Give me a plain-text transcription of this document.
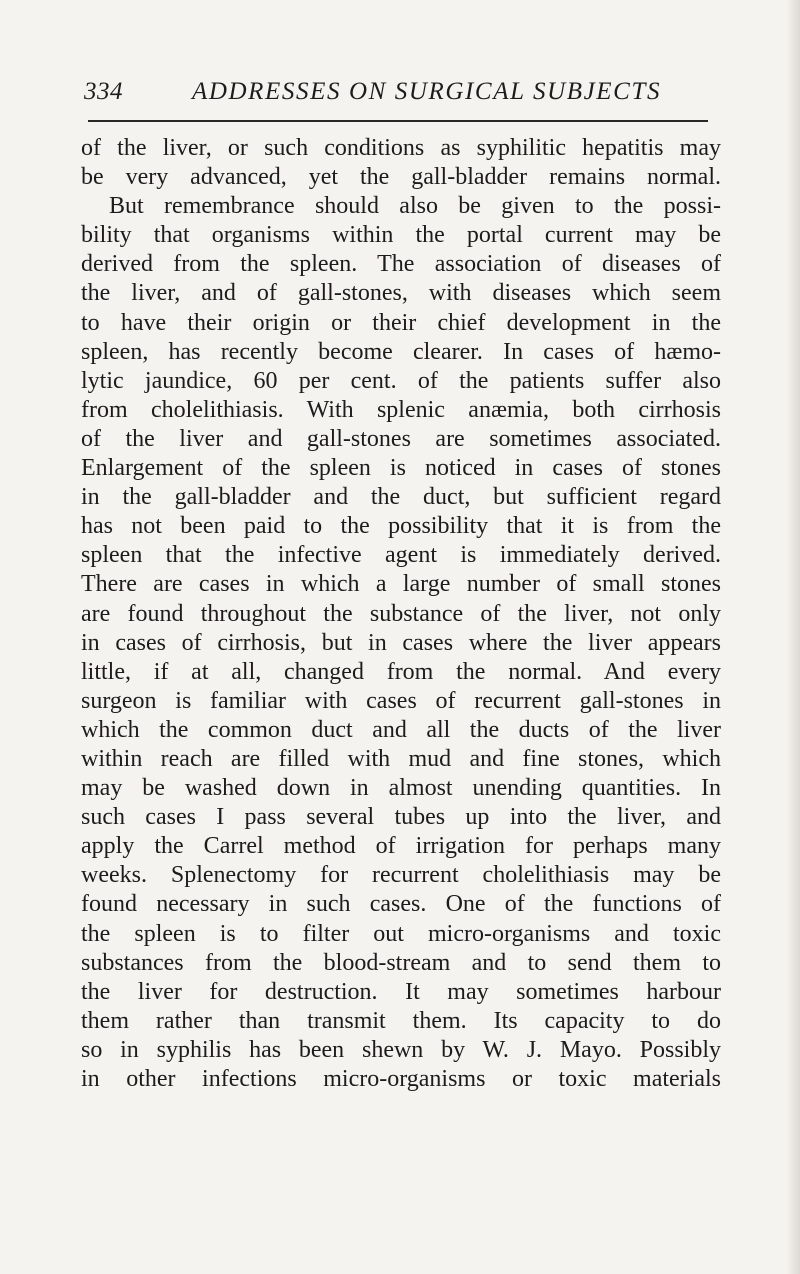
334	ADDRESSES ON SURGICAL SUBJECTS
of the liver, or such conditions as syphilitic hepatitis may
be very advanced, yet the gall-bladder remains normal.
But remembrance should also be given to the possi-
bility that organisms within the portal current may be
derived from the spleen. The association of diseases of
the liver, and of gall-stones, with diseases which seem
to have their origin or their chief development in the
spleen, has recently become clearer. In cases of hæmo-
lytic jaundice, 60 per cent. of the patients suffer also
from cholelithiasis. With splenic anæmia, both cirrhosis
of the liver and gall-stones are sometimes associated.
Enlargement of the spleen is noticed in cases of stones
in the gall-bladder and the duct, but sufficient regard
has not been paid to the possibility that it is from the
spleen that the infective agent is immediately derived.
There are cases in which a large number of small stones
are found throughout the substance of the liver, not only
in cases of cirrhosis, but in cases where the liver appears
little, if at all, changed from the normal. And every
surgeon is familiar with cases of recurrent gall-stones in
which the common duct and all the ducts of the liver
within reach are filled with mud and fine stones, which
may be washed down in almost unending quantities. In
such cases I pass several tubes up into the liver, and
apply the Carrel method of irrigation for perhaps many
weeks. Splenectomy for recurrent cholelithiasis may be
found necessary in such cases. One of the functions of
the spleen is to filter out micro-organisms and toxic
substances from the blood-stream and to send them to
the liver for destruction. It may sometimes harbour
them rather than transmit them. Its capacity to do
so in syphilis has been shewn by W. J. Mayo. Possibly
in other infections micro-organisms or toxic materials
